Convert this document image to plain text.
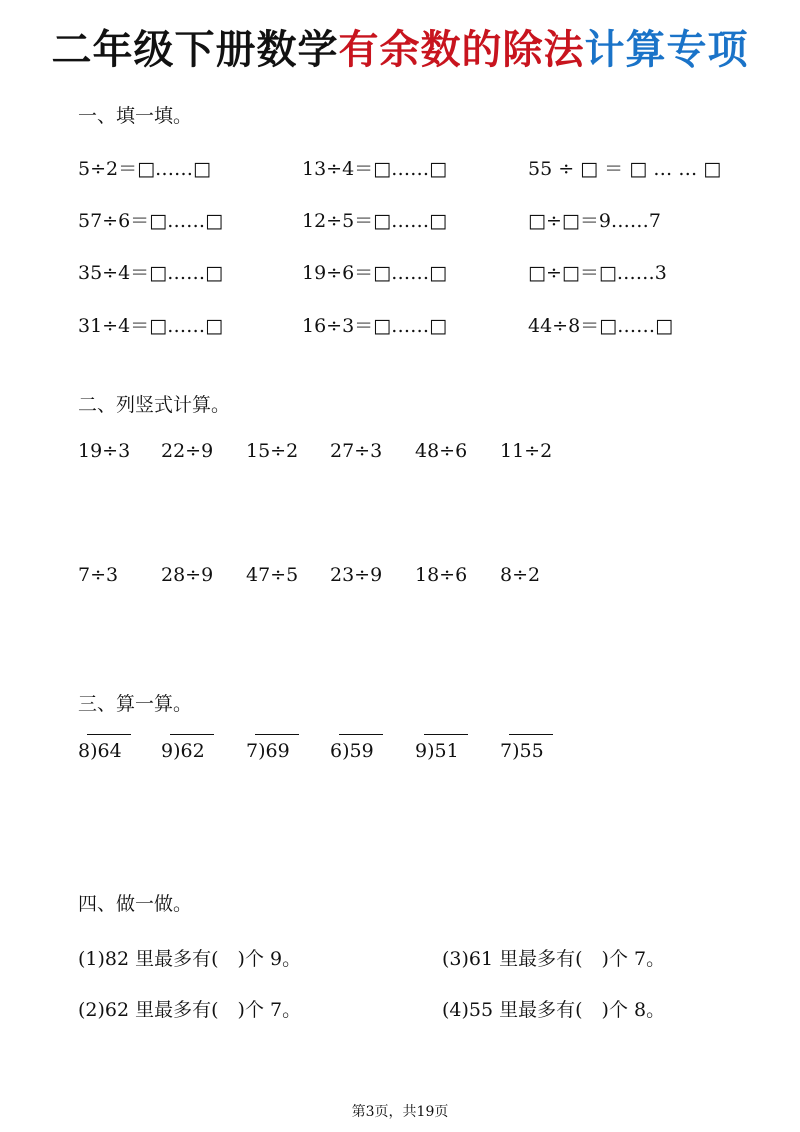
二年级下册数学有余数的除法计算专项
一、填一填。
5÷2＝□……□	13÷4＝□……□	55 ÷ □ ＝ □ … … □
57÷6＝□……□	12÷5＝□……□	□÷□＝9……7
35÷4＝□……□	19÷6＝□……□	□÷□＝□……3
31÷4＝□……□	16÷3＝□……□	44÷8＝□……□
二、列竖式计算。
19÷3 22÷9 15÷2 27÷3 48÷6 11÷2
7÷3 28÷9 47÷5 23÷9 18÷6 8÷2
三、算一算。
8)64 9)62 7)69 6)59 9)51 7)55
四、做一做。
(1)82 里最多有(　)个 9。	(3)61 里最多有(　)个 7。
(2)62 里最多有(　)个 7。	(4)55 里最多有(　)个 8。
第3页，共19页
